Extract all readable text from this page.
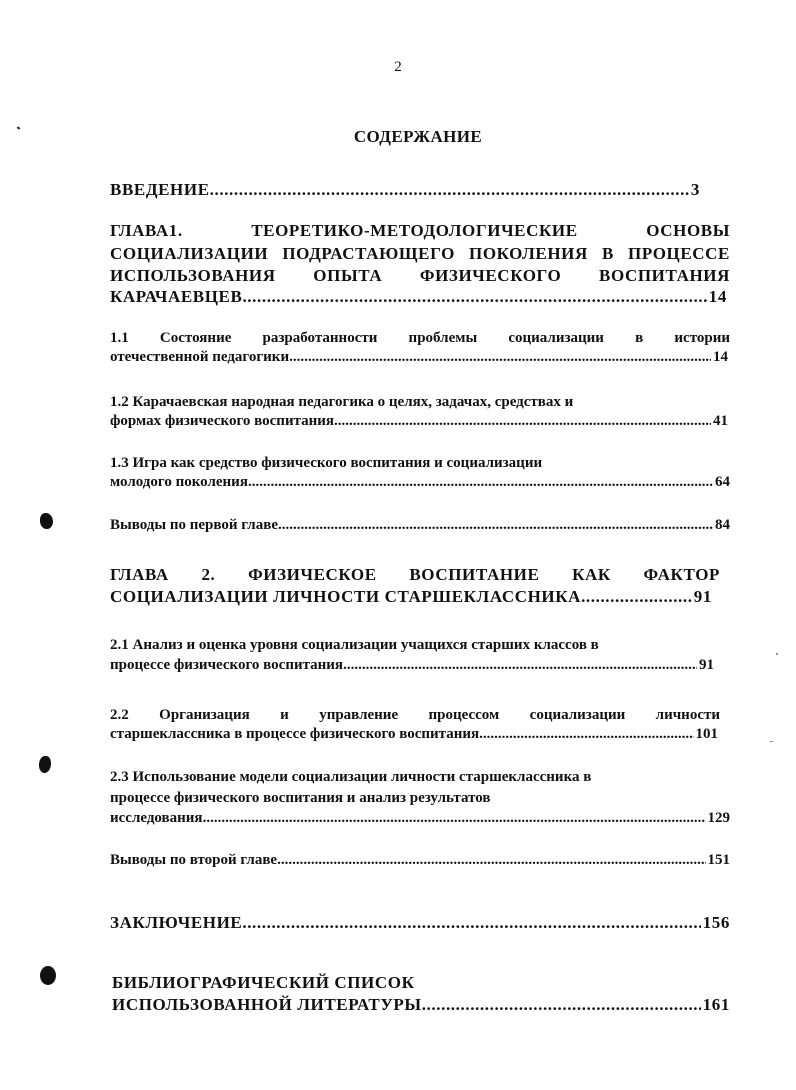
2
СОДЕРЖАНИЕ
ВВЕДЕНИЕ .....	3
ГЛАВА1. ТЕОРЕТИКО-МЕТОДОЛОГИЧЕСКИЕ ОСНОВЫ
СОЦИАЛИЗАЦИИ ПОДРАСТАЮЩЕГО ПОКОЛЕНИЯ В ПРОЦЕССЕ
ИСПОЛЬЗОВАНИЯ ОПЫТА ФИЗИЧЕСКОГО ВОСПИТАНИЯ
КАРАЧАЕВЦЕВ .....	14
1.1 Состояние разработанности проблемы социализации в истории
отечественной педагогики .....	14
1.2 Карачаевская народная педагогика о целях, задачах, средствах и
формах физического воспитания .....	41
1.3 Игра как средство физического воспитания и социализации
молодого поколения .....	64
Выводы по первой главе .....	84
ГЛАВА 2. ФИЗИЧЕСКОЕ ВОСПИТАНИЕ КАК ФАКТОР
СОЦИАЛИЗАЦИИ ЛИЧНОСТИ СТАРШЕКЛАССНИКА .....	91
2.1 Анализ и оценка уровня социализации учащихся старших классов в
процессе физического воспитания .....	91
2.2 Организация и управление процессом социализации личности
старшеклассника в процессе физического воспитания .....	101
2.3 Использование модели социализации личности старшеклассника в
процессе физического воспитания и анализ результатов
исследования .....	129
Выводы по второй главе .....	151
ЗАКЛЮЧЕНИЕ .....	156
БИБЛИОГРАФИЧЕСКИЙ СПИСОК
ИСПОЛЬЗОВАННОЙ ЛИТЕРАТУРЫ .....	161
